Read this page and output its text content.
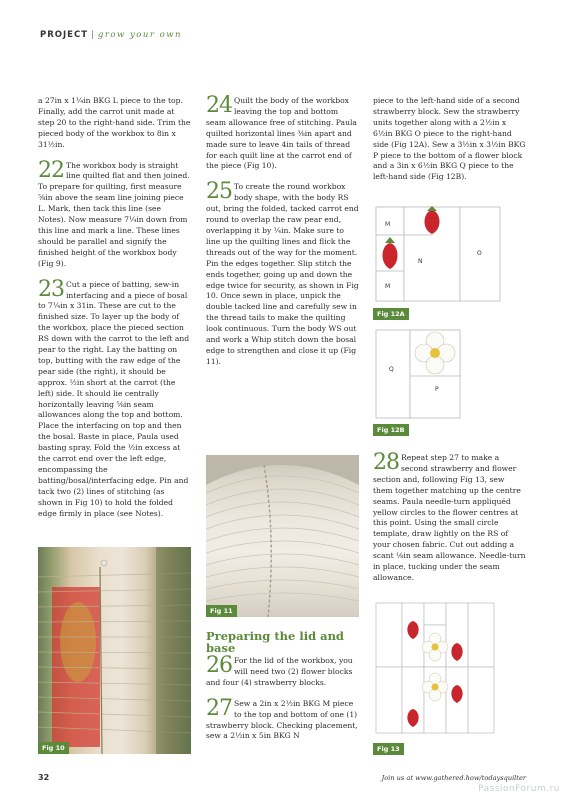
PROJECT | grow your own

a 27in x 1¼in BKG L piece to the top. Finally, add the carrot unit made at step 20 to the right-hand side. Trim the pieced body of the workbox to 8in x 31½in.

22 The workbox body is straight line quilted flat and then joined. To prepare for quilting, first measure ⅝in above the seam line joining piece L. Mark, then tack this line (see Notes). Now measure 7¼in down from this line and mark a line. These lines should be parallel and signify the finished height of the workbox body (Fig 9).

23 Cut a piece of batting, sew-in interfacing and a piece of bosal to 7¼in x 31in. These are cut to the finished size. To layer up the body of the workbox, place the pieced section RS down with the carrot to the left and pear to the right. Lay the batting on top, butting with the raw edge of the pear side (the right), it should be approx. ½in short at the carrot (the left) side. It should lie centrally horizontally leaving ⅝in seam allowances along the top and bottom. Place the interfacing on top and then the bosal. Baste in place, Paula used basting spray. Fold the ½in excess at the carrot end over the left edge, encompassing the batting/bosal/interfacing edge. Pin and tack two (2) lines of stitching (as shown in Fig 10) to hold the folded edge firmly in place (see Notes).

Fig 10
24 Quilt the body of the workbox leaving the top and bottom seam allowance free of stitching. Paula quilted horizontal lines ⅜in apart and made sure to leave 4in tails of thread for each quilt line at the carrot end of the piece (Fig 10).

25 To create the round workbox body shape, with the body RS out, bring the folded, tacked carrot end round to overlap the raw pear end, overlapping it by ¼in. Make sure to line up the quilting lines and flick the threads out of the way for the moment. Pin the edges together. Slip stitch the ends together, going up and down the edge twice for security, as shown in Fig 10. Once sewn in place, unpick the double tacked line and carefully sew in the thread tails to make the quilting look continuous. Turn the body WS out and work a Whip stitch down the bosal edge to strengthen and close it up (Fig 11).

Fig 11
Preparing the lid and base
26 For the lid of the workbox, you will need two (2) flower blocks and four (4) strawberry blocks.

27 Sew a 2in x 2½in BKG M piece to the top and bottom of one (1) strawberry block. Checking placement, sew a 2½in x 5in BKG N

piece to the left-hand side of a second strawberry block. Sew the strawberry units together along with a 2½in x 6½in BKG O piece to the right-hand side (Fig 12A). Sew a 3½in x 3½in BKG P piece to the bottom of a flower block and a 3in x 6½in BKG Q piece to the left-hand side (Fig 12B).

M
M
N
O
Fig 12A
Q
P
Fig 12B
28 Repeat step 27 to make a second strawberry and flower section and, following Fig 13, sew them together matching up the centre seams. Paula needle-turn appliquéd yellow circles to the flower centres at this point. Using the small circle template, draw lightly on the RS of your chosen fabric. Cut out adding a scant ⅛in seam allowance. Needle-turn in place, tucking under the seam allowance.

Fig 13
32	Join us at www.gathered.how/todaysquilter
PassionForum.ru
